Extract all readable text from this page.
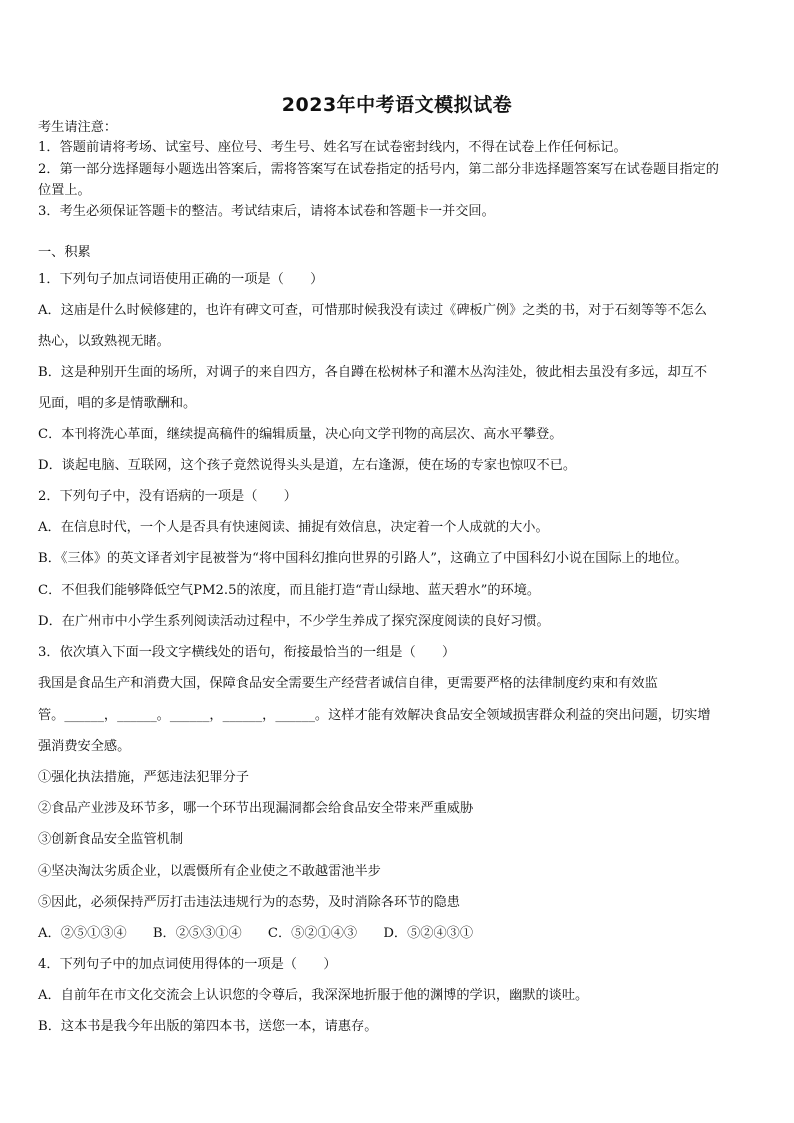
2023年中考语文模拟试卷
考生请注意：
1．答题前请将考场、试室号、座位号、考生号、姓名写在试卷密封线内，不得在试卷上作任何标记。
2．第一部分选择题每小题选出答案后，需将答案写在试卷指定的括号内，第二部分非选择题答案写在试卷题目指定的
位置上。
3．考生必须保证答题卡的整洁。考试结束后，请将本试卷和答题卡一并交回。
一、积累
1．下列句子加点词语使用正确的一项是（　　）
A．这庙是什么时候修建的，也许有碑文可查，可惜那时候我没有读过《碑板广例》之类的书，对于石刻等等不怎么
热心，以致熟视无睹。
B．这是种别开生面的场所，对调子的来自四方，各自蹲在松树林子和灌木丛沟洼处，彼此相去虽没有多远，却互不
见面，唱的多是情歌酬和。
C．本刊将洗心革面，继续提高稿件的编辑质量，决心向文学刊物的高层次、高水平攀登。
D．谈起电脑、互联网，这个孩子竟然说得头头是道，左右逢源，使在场的专家也惊叹不已。
2．下列句子中，没有语病的一项是（　　）
A．在信息时代，一个人是否具有快速阅读、捕捉有效信息，决定着一个人成就的大小。
B．《三体》的英文译者刘宇昆被誉为“将中国科幻推向世界的引路人”，这确立了中国科幻小说在国际上的地位。
C．不但我们能够降低空气PM2.5的浓度，而且能打造“青山绿地、蓝天碧水”的环境。
D．在广州市中小学生系列阅读活动过程中，不少学生养成了探究深度阅读的良好习惯。
3．依次填入下面一段文字横线处的语句，衔接最恰当的一组是（　　）
我国是食品生产和消费大国，保障食品安全需要生产经营者诚信自律，更需要严格的法律制度约束和有效监
管。______，______。______，______，______。这样才能有效解决食品安全领域损害群众利益的突出问题，切实增
强消费安全感。
①强化执法措施，严惩违法犯罪分子
②食品产业涉及环节多，哪一个环节出现漏洞都会给食品安全带来严重威胁
③创新食品安全监管机制
④坚决淘汰劣质企业，以震慑所有企业使之不敢越雷池半步
⑤因此，必须保持严厉打击违法违规行为的态势，及时消除各环节的隐患
A．②⑤①③④ B．②⑤③①④ C．⑤②①④③ D．⑤②④③①
4．下列句子中的加点词使用得体的一项是（　　）
A．自前年在市文化交流会上认识您的令尊后，我深深地折服于他的渊博的学识，幽默的谈吐。
B．这本书是我今年出版的第四本书，送您一本，请惠存。
